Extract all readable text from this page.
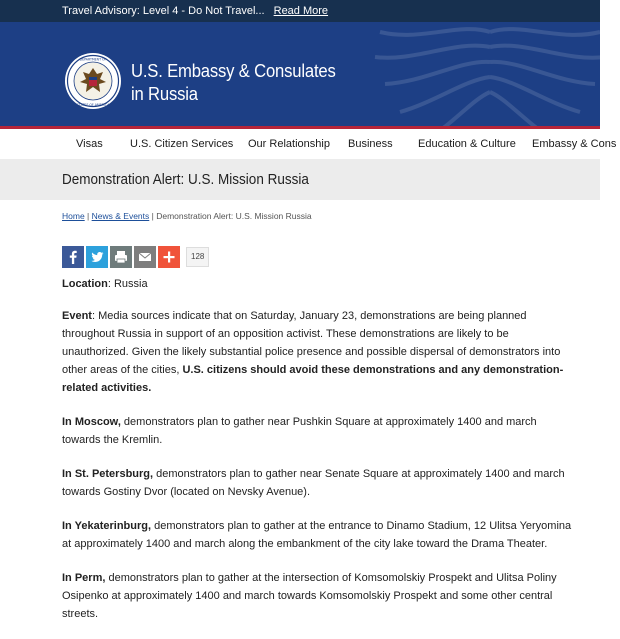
Travel Advisory: Level 4 - Do Not Travel... Read More
DEPARTMENT OF
STATES OF AMERICA
U.S. Embassy & Consulates
in Russia
Visas U.S. Citizen Services Our Relationship Business Education & Culture Embassy & Cons
Demonstration Alert: U.S. Mission Russia
Home | News & Events | Demonstration Alert: U.S. Mission Russia
128

Location: Russia

Event: Media sources indicate that on Saturday, January 23, demonstrations are being planned throughout Russia in support of an opposition activist. These demonstrations are likely to be unauthorized. Given the likely substantial police presence and possible dispersal of demonstrators into other areas of the cities, U.S. citizens should avoid these demonstrations and any demonstration-related activities.

In Moscow, demonstrators plan to gather near Pushkin Square at approximately 1400 and march towards the Kremlin.

In St. Petersburg, demonstrators plan to gather near Senate Square at approximately 1400 and march towards Gostiny Dvor (located on Nevsky Avenue).

In Yekaterinburg, demonstrators plan to gather at the entrance to Dinamo Stadium, 12 Ulitsa Yeryomina at approximately 1400 and march along the embankment of the city lake toward the Drama Theater.

In Perm, demonstrators plan to gather at the intersection of Komsomolskiy Prospekt and Ulitsa Poliny Osipenko at approximately 1400 and march towards Komsomolskiy Prospekt and some other central streets.
